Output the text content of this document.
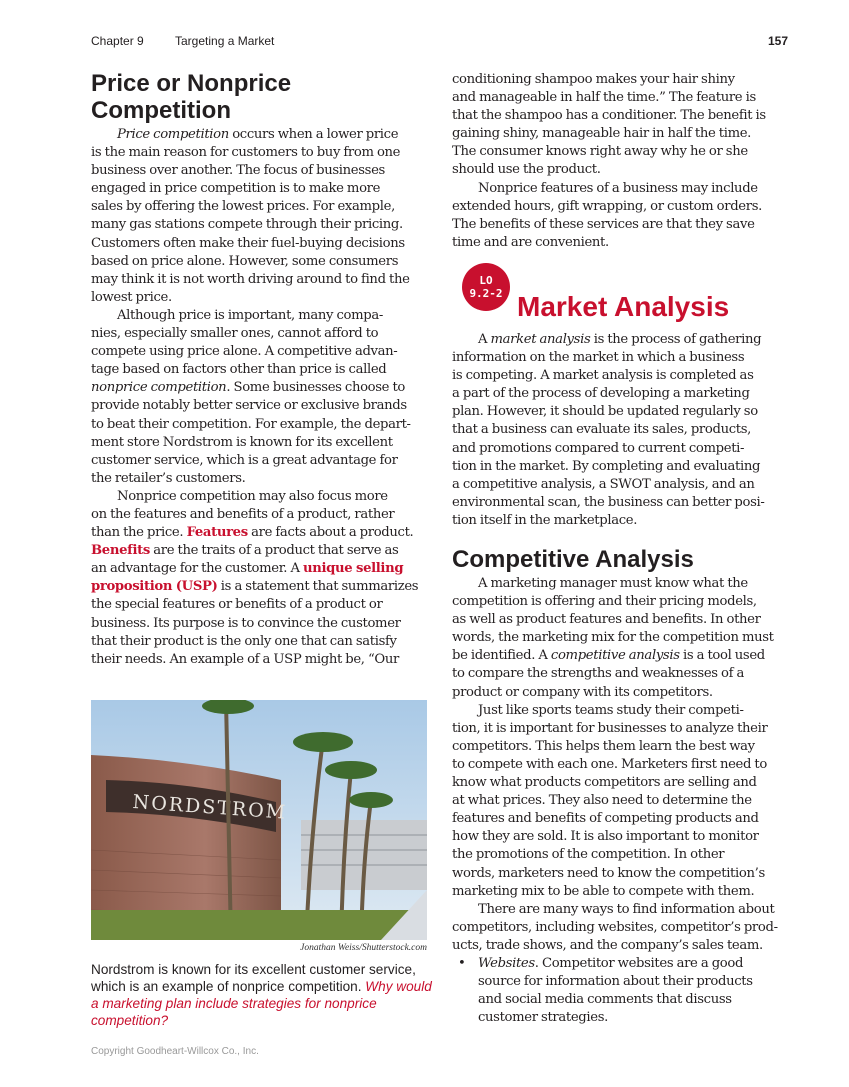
Chapter 9	Targeting a Market	157
Price or Nonprice
Competition
Price competition occurs when a lower price
is the main reason for customers to buy from one
business over another. The focus of businesses
engaged in price competition is to make more
sales by offering the lowest prices. For example,
many gas stations compete through their pricing.
Customers often make their fuel-buying decisions
based on price alone. However, some consumers
may think it is not worth driving around to find the
lowest price.
Although price is important, many compa-
nies, especially smaller ones, cannot afford to
compete using price alone. A competitive advan-
tage based on factors other than price is called
nonprice competition. Some businesses choose to
provide notably better service or exclusive brands
to beat their competition. For example, the depart-
ment store Nordstrom is known for its excellent
customer service, which is a great advantage for
the retailer’s customers.
Nonprice competition may also focus more
on the features and benefits of a product, rather
than the price. Features are facts about a product.
Benefits are the traits of a product that serve as
an advantage for the customer. A unique selling
proposition (USP) is a statement that summarizes
the special features or benefits of a product or
business. Its purpose is to convince the customer
that their product is the only one that can satisfy
their needs. An example of a USP might be, “Our
NORDSTROM
Jonathan Weiss/Shutterstock.com
Nordstrom is known for its excellent customer service, which is an example of nonprice competition. Why would a marketing plan include strategies for nonprice competition?
conditioning shampoo makes your hair shiny
and manageable in half the time.” The feature is
that the shampoo has a conditioner. The benefit is
gaining shiny, manageable hair in half the time.
The consumer knows right away why he or she
should use the product.
Nonprice features of a business may include
extended hours, gift wrapping, or custom orders.
The benefits of these services are that they save
time and are convenient.
LO
9.2-2 Market Analysis
A market analysis is the process of gathering
information on the market in which a business
is competing. A market analysis is completed as
a part of the process of developing a marketing
plan. However, it should be updated regularly so
that a business can evaluate its sales, products,
and promotions compared to current competi-
tion in the market. By completing and evaluating
a competitive analysis, a SWOT analysis, and an
environmental scan, the business can better posi-
tion itself in the marketplace.
Competitive Analysis
A marketing manager must know what the
competition is offering and their pricing models,
as well as product features and benefits. In other
words, the marketing mix for the competition must
be identified. A competitive analysis is a tool used
to compare the strengths and weaknesses of a
product or company with its competitors.
Just like sports teams study their competi-
tion, it is important for businesses to analyze their
competitors. This helps them learn the best way
to compete with each one. Marketers first need to
know what products competitors are selling and
at what prices. They also need to determine the
features and benefits of competing products and
how they are sold. It is also important to monitor
the promotions of the competition. In other
words, marketers need to know the competition’s
marketing mix to be able to compete with them.
There are many ways to find information about
competitors, including websites, competitor’s prod-
ucts, trade shows, and the company’s sales team.
• Websites. Competitor websites are a good
source for information about their products
and social media comments that discuss
customer strategies.
Copyright Goodheart-Willcox Co., Inc.
